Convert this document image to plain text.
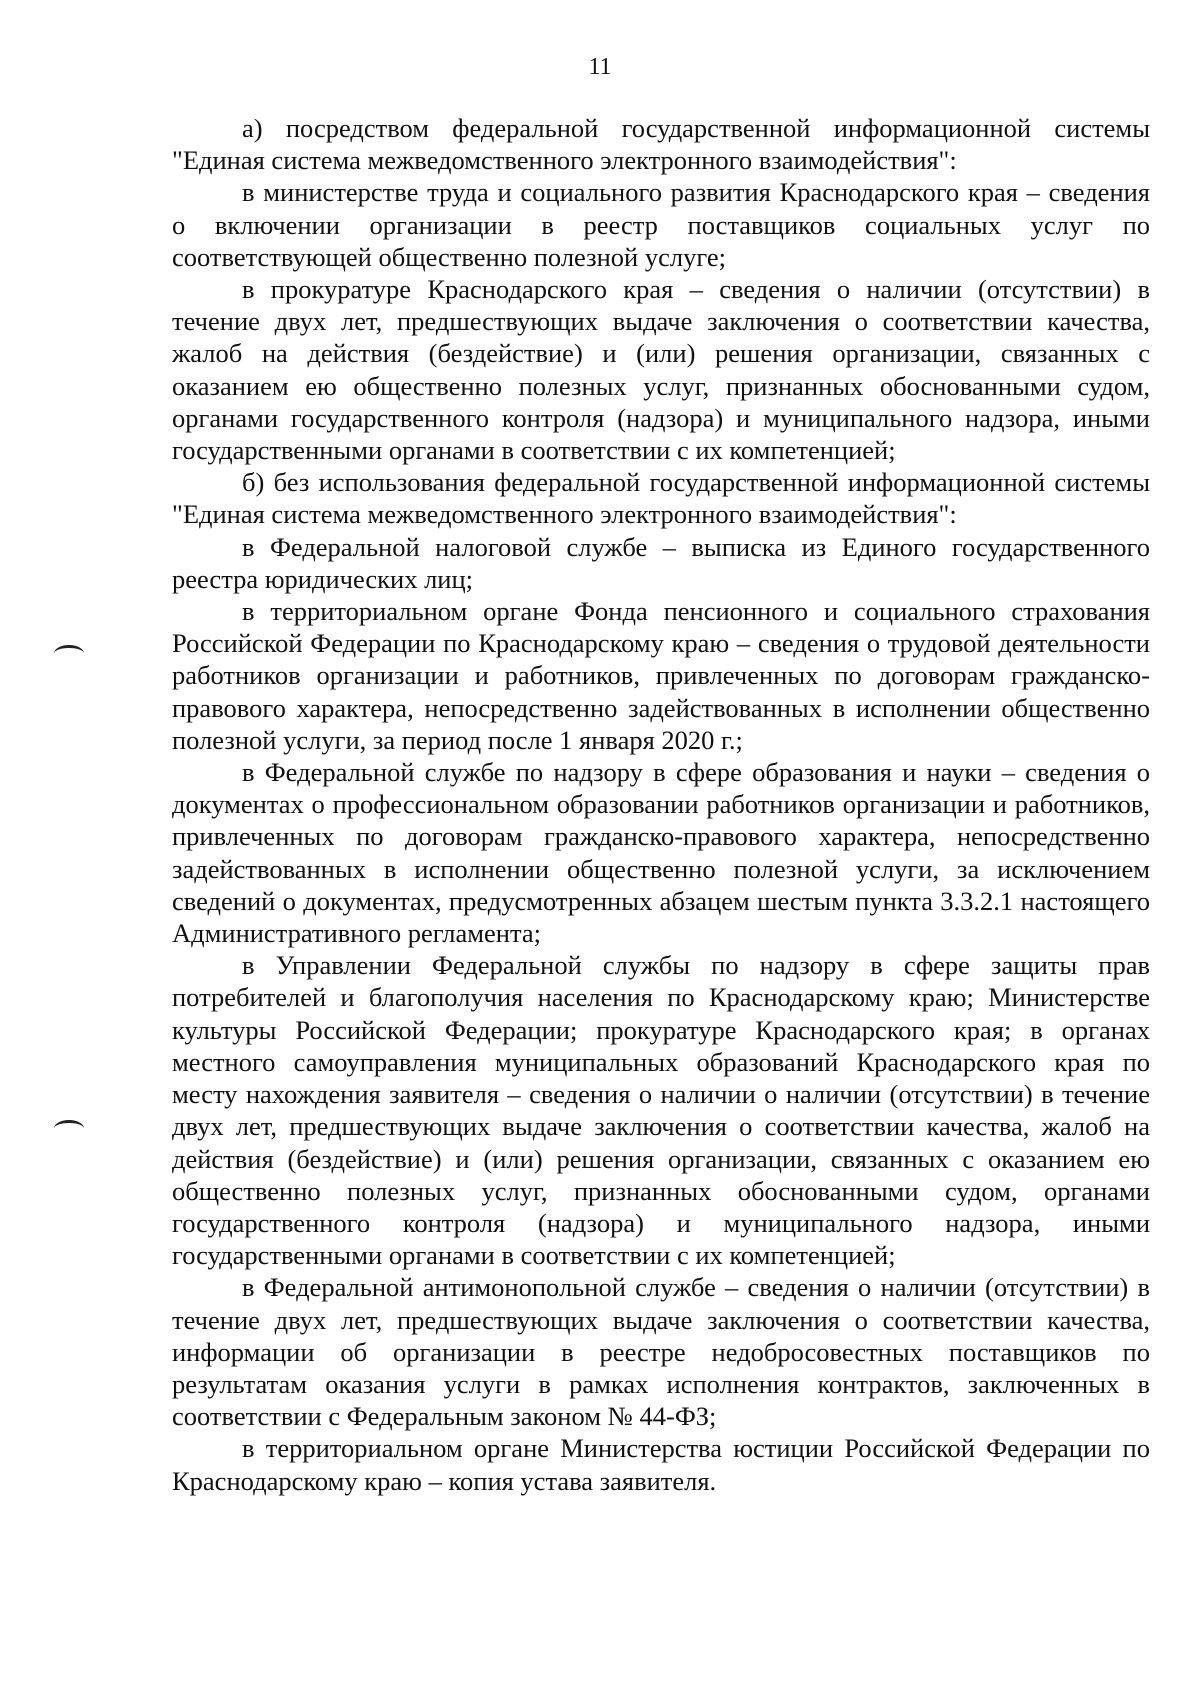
11

а) посредством федеральной государственной информационной системы "Единая система межведомственного электронного взаимодействия":

в министерстве труда и социального развития Краснодарского края – сведения о включении организации в реестр поставщиков социальных услуг по соответствующей общественно полезной услуге;

в прокуратуре Краснодарского края – сведения о наличии (отсутствии) в течение двух лет, предшествующих выдаче заключения о соответствии качества, жалоб на действия (бездействие) и (или) решения организации, связанных с оказанием ею общественно полезных услуг, признанных обоснованными судом, органами государственного контроля (надзора) и муниципального надзора, иными государственными органами в соответствии с их компетенцией;

б) без использования федеральной государственной информационной системы "Единая система межведомственного электронного взаимодействия":

в Федеральной налоговой службе – выписка из Единого государственного реестра юридических лиц;

в территориальном органе Фонда пенсионного и социального страхования Российской Федерации по Краснодарскому краю – сведения о трудовой деятельности работников организации и работников, привлеченных по договорам гражданско-правового характера, непосредственно задействованных в исполнении общественно полезной услуги, за период после 1 января 2020 г.;

в Федеральной службе по надзору в сфере образования и науки – сведения о документах о профессиональном образовании работников организации и работников, привлеченных по договорам гражданско-правового характера, непосредственно задействованных в исполнении общественно полезной услуги, за исключением сведений о документах, предусмотренных абзацем шестым пункта 3.3.2.1 настоящего Административного регламента;

в Управлении Федеральной службы по надзору в сфере защиты прав потребителей и благополучия населения по Краснодарскому краю; Министерстве культуры Российской Федерации; прокуратуре Краснодарского края; в органах местного самоуправления муниципальных образований Краснодарского края по месту нахождения заявителя – сведения о наличии о наличии (отсутствии) в течение двух лет, предшествующих выдаче заключения о соответствии качества, жалоб на действия (бездействие) и (или) решения организации, связанных с оказанием ею общественно полезных услуг, признанных обоснованными судом, органами государственного контроля (надзора) и муниципального надзора, иными государственными органами в соответствии с их компетенцией;

в Федеральной антимонопольной службе – сведения о наличии (отсутствии) в течение двух лет, предшествующих выдаче заключения о соответствии качества, информации об организации в реестре недобросовестных поставщиков по результатам оказания услуги в рамках исполнения контрактов, заключенных в соответствии с Федеральным законом № 44-ФЗ;

в территориальном органе Министерства юстиции Российской Федерации по Краснодарскому краю – копия устава заявителя.
